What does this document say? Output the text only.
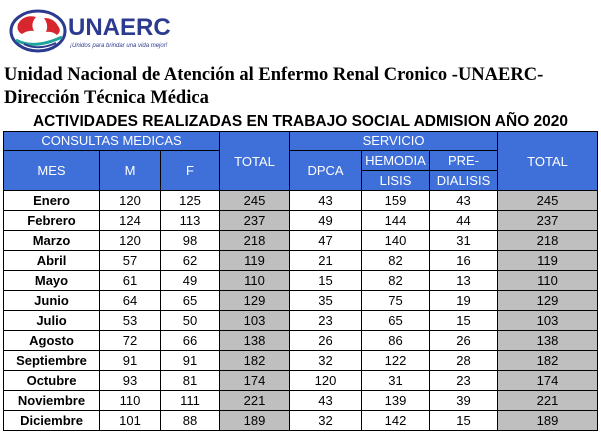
UNAERC
¡Unidos para brindar una vida mejor!
Unidad Nacional de Atención al Enfermo Renal Cronico -UNAERC-
Dirección Técnica Médica
ACTIVIDADES REALIZADAS EN TRABAJO SOCIAL ADMISION AÑO 2020
CONSULTAS MEDICAS			TOTAL	SERVICIO			TOTAL
MES	M	F		DPCA	HEMODIA	PRE-	
					LISIS	DIALISIS	
Enero	120	125	245	43	159	43	245
Febrero	124	113	237	49	144	44	237
Marzo	120	98	218	47	140	31	218
Abril	57	62	119	21	82	16	119
Mayo	61	49	110	15	82	13	110
Junio	64	65	129	35	75	19	129
Julio	53	50	103	23	65	15	103
Agosto	72	66	138	26	86	26	138
Septiembre	91	91	182	32	122	28	182
Octubre	93	81	174	120	31	23	174
Noviembre	110	111	221	43	139	39	221
Diciembre	101	88	189	32	142	15	189
